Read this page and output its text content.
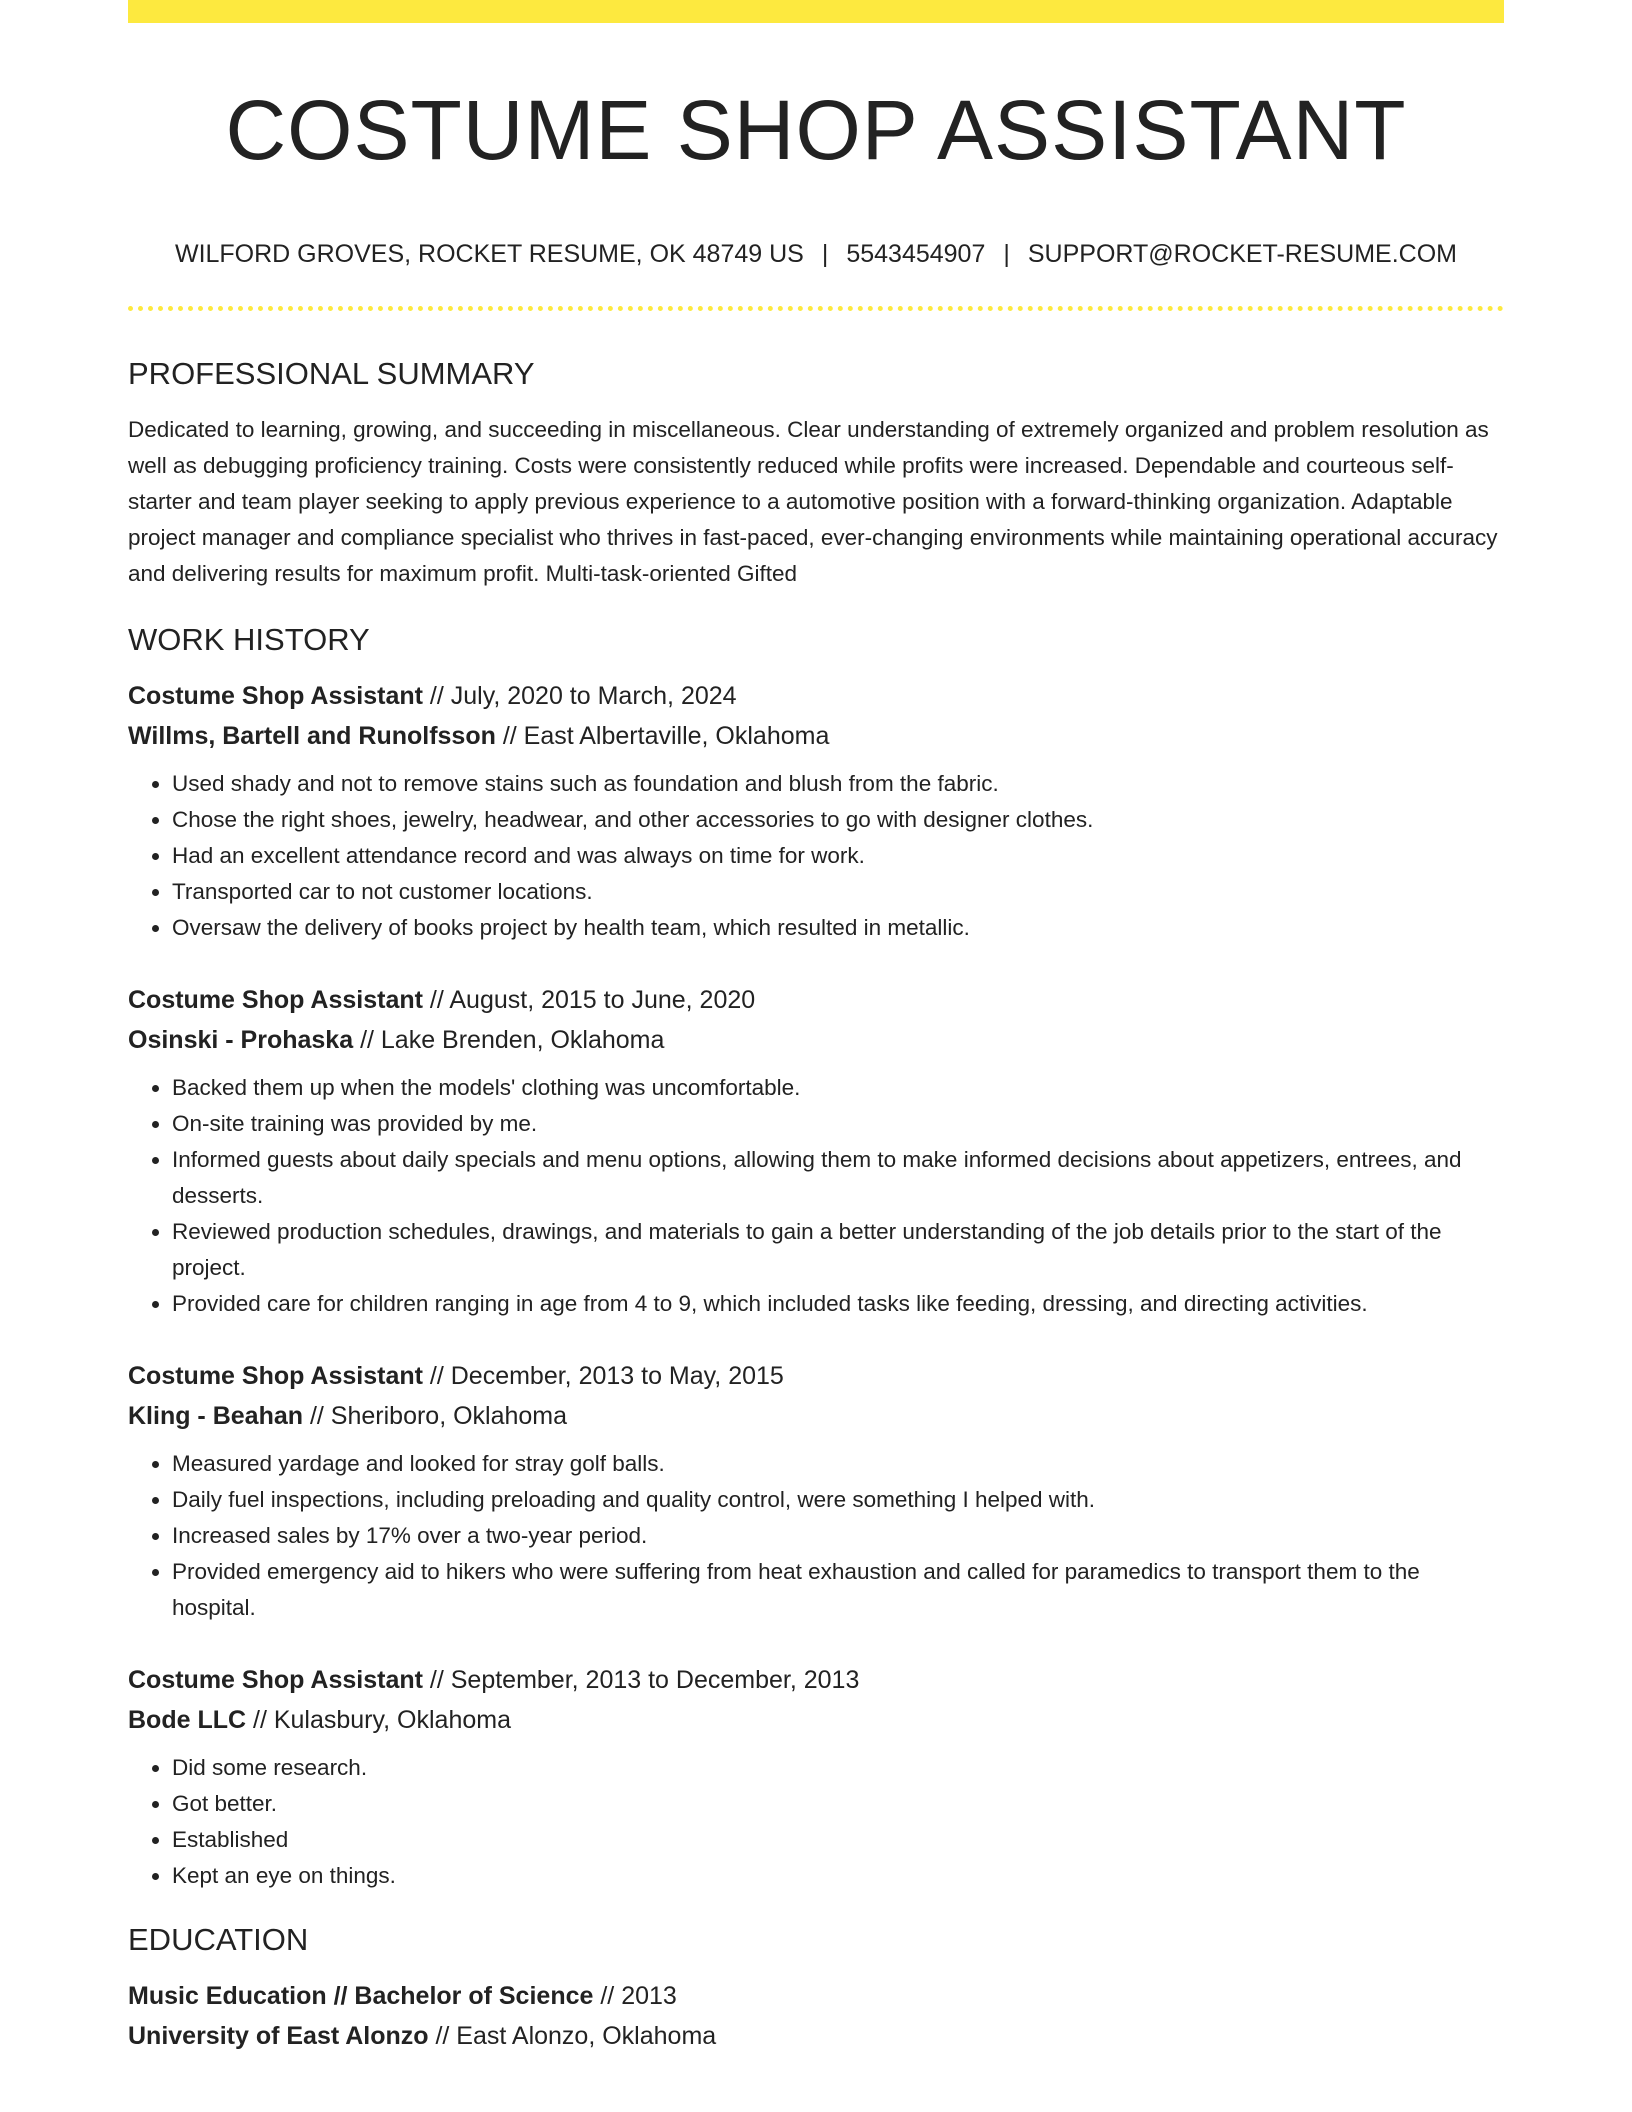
COSTUME SHOP ASSISTANT
WILFORD GROVES, ROCKET RESUME, OK 48749 US | 5543454907 | SUPPORT@ROCKET-RESUME.COM
PROFESSIONAL SUMMARY

Dedicated to learning, growing, and succeeding in miscellaneous. Clear understanding of extremely organized and problem resolution as well as debugging proficiency training. Costs were consistently reduced while profits were increased. Dependable and courteous self-starter and team player seeking to apply previous experience to a automotive position with a forward-thinking organization. Adaptable project manager and compliance specialist who thrives in fast-paced, ever-changing environments while maintaining operational accuracy and delivering results for maximum profit. Multi-task-oriented Gifted

WORK HISTORY
Costume Shop Assistant // July, 2020 to March, 2024
Willms, Bartell and Runolfsson // East Albertaville, Oklahoma
• Used shady and not to remove stains such as foundation and blush from the fabric.
• Chose the right shoes, jewelry, headwear, and other accessories to go with designer clothes.
• Had an excellent attendance record and was always on time for work.
• Transported car to not customer locations.
• Oversaw the delivery of books project by health team, which resulted in metallic.
Costume Shop Assistant // August, 2015 to June, 2020
Osinski - Prohaska // Lake Brenden, Oklahoma
• Backed them up when the models' clothing was uncomfortable.
• On-site training was provided by me.
• Informed guests about daily specials and menu options, allowing them to make informed decisions about appetizers, entrees, and desserts.
• Reviewed production schedules, drawings, and materials to gain a better understanding of the job details prior to the start of the project.
• Provided care for children ranging in age from 4 to 9, which included tasks like feeding, dressing, and directing activities.
Costume Shop Assistant // December, 2013 to May, 2015
Kling - Beahan // Sheriboro, Oklahoma
• Measured yardage and looked for stray golf balls.
• Daily fuel inspections, including preloading and quality control, were something I helped with.
• Increased sales by 17% over a two-year period.
• Provided emergency aid to hikers who were suffering from heat exhaustion and called for paramedics to transport them to the hospital.
Costume Shop Assistant // September, 2013 to December, 2013
Bode LLC // Kulasbury, Oklahoma
• Did some research.
• Got better.
• Established
• Kept an eye on things.
EDUCATION
Music Education // Bachelor of Science // 2013
University of East Alonzo // East Alonzo, Oklahoma
